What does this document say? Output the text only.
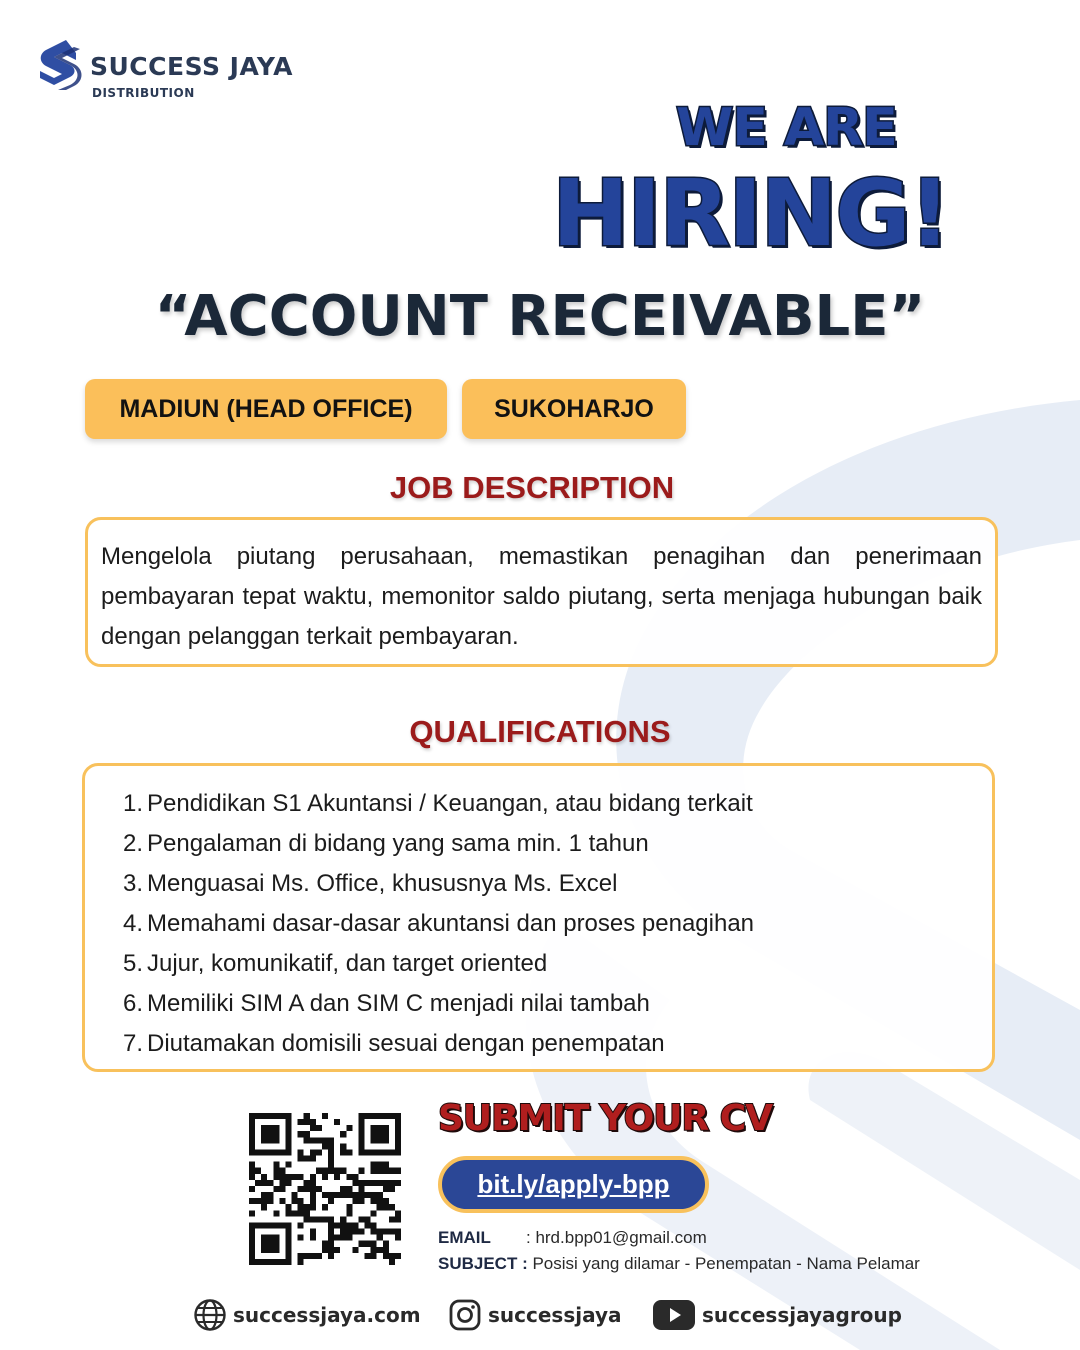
SUCCESS JAYA
DISTRIBUTION
WE ARE
HIRING!
“ACCOUNT RECEIVABLE”
MADIUN (HEAD OFFICE)	SUKOHARJO
JOB DESCRIPTION

Mengelola piutang perusahaan, memastikan penagihan dan penerimaan pembayaran tepat waktu, memonitor saldo piutang, serta menjaga hubungan baik dengan pelanggan terkait pembayaran.

QUALIFICATIONS
1. Pendidikan S1 Akuntansi / Keuangan, atau bidang terkait
2. Pengalaman di bidang yang sama min. 1 tahun
3. Menguasai Ms. Office, khususnya Ms. Excel
4. Memahami dasar-dasar akuntansi dan proses penagihan
5. Jujur, komunikatif, dan target oriented
6. Memiliki SIM A dan SIM C menjadi nilai tambah
7. Diutamakan domisili sesuai dengan penempatan
SUBMIT YOUR CV
bit.ly/apply-bpp
EMAIL : hrd.bpp01@gmail.com
SUBJECT : Posisi yang dilamar - Penempatan - Nama Pelamar
successjaya.com	successjaya	successjayagroup
